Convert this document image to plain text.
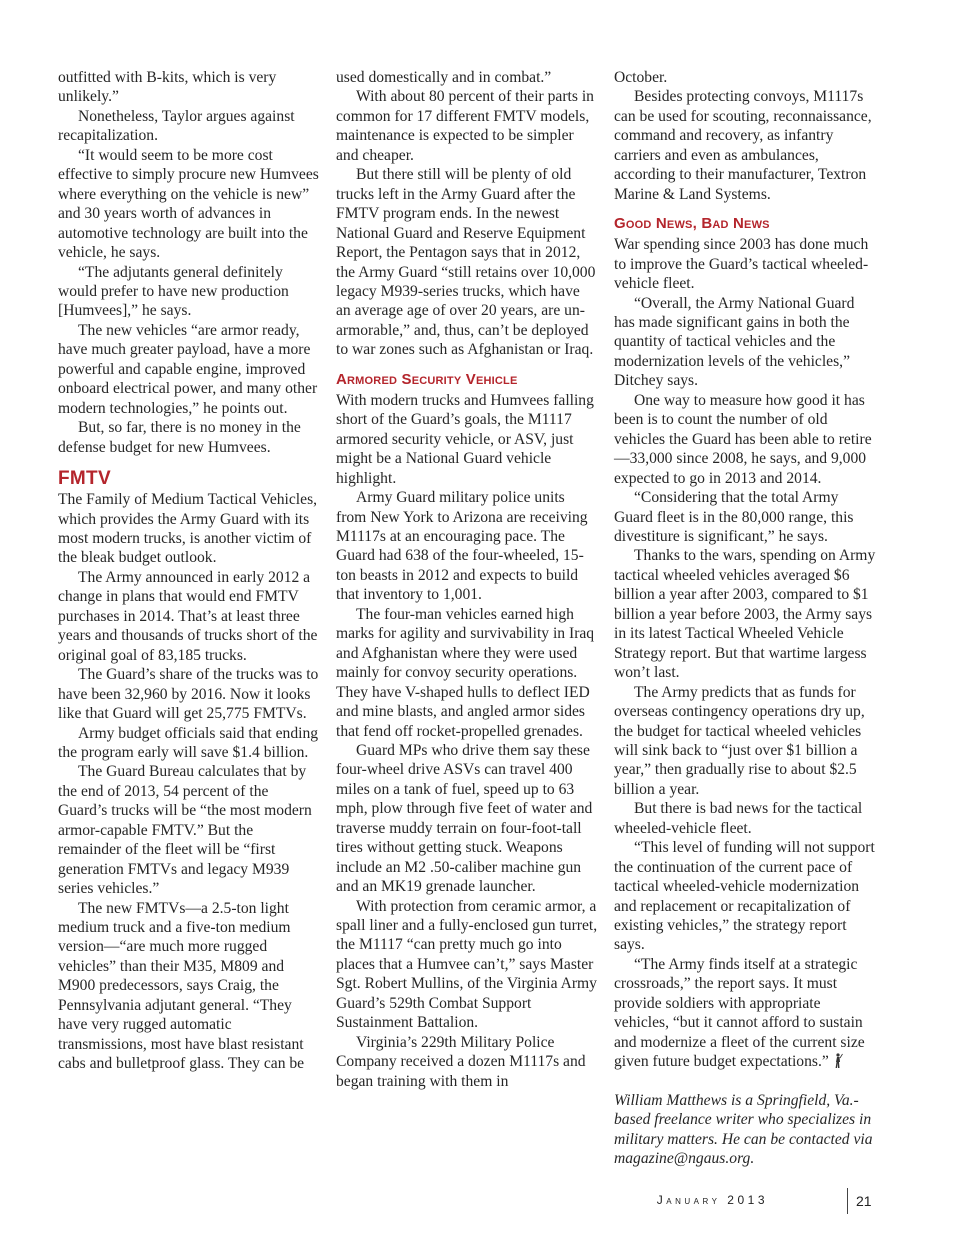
outfitted with B-kits, which is very unlikely.”

Nonetheless, Taylor argues against recapitalization.

“It would seem to be more cost effective to simply procure new Humvees where everything on the vehicle is new” and 30 years worth of advances in automotive technology are built into the vehicle, he says.

“The adjutants general definitely would prefer to have new production [Humvees],” he says.

The new vehicles “are armor ready, have much greater payload, have a more powerful and capable engine, improved onboard electrical power, and many other modern technologies,” he points out.

But, so far, there is no money in the defense budget for new Humvees.

FMTV

The Family of Medium Tactical Vehicles, which provides the Army Guard with its most modern trucks, is another victim of the bleak budget outlook.

The Army announced in early 2012 a change in plans that would end FMTV purchases in 2014. That’s at least three years and thousands of trucks short of the original goal of 83,185 trucks.

The Guard’s share of the trucks was to have been 32,960 by 2016. Now it looks like that Guard will get 25,775 FMTVs.

Army budget officials said that ending the program early will save $1.4 billion.

The Guard Bureau calculates that by the end of 2013, 54 percent of the Guard’s trucks will be “the most modern armor-capable FMTV.” But the remainder of the fleet will be “first generation FMTVs and legacy M939 series vehicles.”

The new FMTVs—a 2.5-ton light medium truck and a five-ton medium version—“are much more rugged vehicles” than their M35, M809 and M900 predecessors, says Craig, the Pennsylvania adjutant general. “They have very rugged automatic transmissions, most have blast resistant cabs and bulletproof glass. They can be

used domestically and in combat.”

With about 80 percent of their parts in common for 17 different FMTV models, maintenance is expected to be simpler and cheaper.

But there still will be plenty of old trucks left in the Army Guard after the FMTV program ends. In the newest National Guard and Reserve Equipment Report, the Pentagon says that in 2012, the Army Guard “still retains over 10,000 legacy M939-series trucks, which have an average age of over 20 years, are un-armorable,” and, thus, can’t be deployed to war zones such as Afghanistan or Iraq.

Armored Security Vehicle

With modern trucks and Humvees falling short of the Guard’s goals, the M1117 armored security vehicle, or ASV, just might be a National Guard vehicle highlight.

Army Guard military police units from New York to Arizona are receiving M1117s at an encouraging pace. The Guard had 638 of the four-wheeled, 15-ton beasts in 2012 and expects to build that inventory to 1,001.

The four-man vehicles earned high marks for agility and survivability in Iraq and Afghanistan where they were used mainly for convoy security operations. They have V-shaped hulls to deflect IED and mine blasts, and angled armor sides that fend off rocket-propelled grenades.

Guard MPs who drive them say these four-wheel drive ASVs can travel 400 miles on a tank of fuel, speed up to 63 mph, plow through five feet of water and traverse muddy terrain on four-foot-tall tires without getting stuck. Weapons include an M2 .50-caliber machine gun and an MK19 grenade launcher.

With protection from ceramic armor, a spall liner and a fully-enclosed gun turret, the M1117 “can pretty much go into places that a Humvee can’t,” says Master Sgt. Robert Mullins, of the Virginia Army Guard’s 529th Combat Support Sustainment Battalion.

Virginia’s 229th Military Police Company received a dozen M1117s and began training with them in

October.

Besides protecting convoys, M1117s can be used for scouting, reconnaissance, command and recovery, as infantry carriers and even as ambulances, according to their manufacturer, Textron Marine & Land Systems.

Good News, Bad News

War spending since 2003 has done much to improve the Guard’s tactical wheeled-vehicle fleet.

“Overall, the Army National Guard has made significant gains in both the quantity of tactical vehicles and the modernization levels of the vehicles,” Ditchey says.

One way to measure how good it has been is to count the number of old vehicles the Guard has been able to retire—33,000 since 2008, he says, and 9,000 expected to go in 2013 and 2014.

“Considering that the total Army Guard fleet is in the 80,000 range, this divestiture is significant,” he says.

Thanks to the wars, spending on Army tactical wheeled vehicles averaged $6 billion a year after 2003, compared to $1 billion a year before 2003, the Army says in its latest Tactical Wheeled Vehicle Strategy report. But that wartime largess won’t last.

The Army predicts that as funds for overseas contingency operations dry up, the budget for tactical wheeled vehicles will sink back to “just over $1 billion a year,” then gradually rise to about $2.5 billion a year.

But there is bad news for the tactical wheeled-vehicle fleet.

“This level of funding will not support the continuation of the current pace of tactical wheeled-vehicle modernization and replacement or recapitalization of existing vehicles,” the strategy report says.

“The Army finds itself at a strategic crossroads,” the report says. It must provide soldiers with appropriate vehicles, “but it cannot afford to sustain and modernize a fleet of the current size given future budget expectations.”

William Matthews is a Springfield, Va.-based freelance writer who specializes in military matters. He can be contacted via magazine@ngaus.org.

January 2013	21
